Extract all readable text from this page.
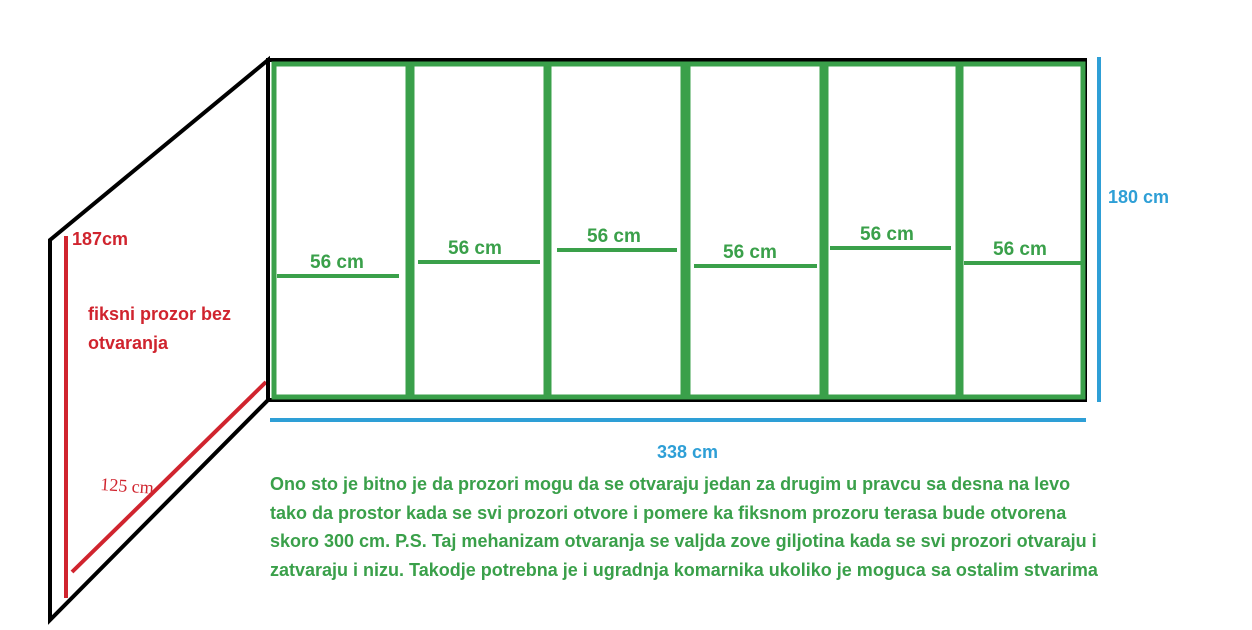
187cm
fiksni prozor bez
otvaranja
125 cm
56 cm
56 cm
56 cm
56 cm
56 cm
56 cm
180 cm
338 cm

Ono sto je bitno je da prozori mogu da se otvaraju jedan za drugim u pravcu sa desna na levo
tako da prostor kada se svi prozori otvore i pomere ka fiksnom prozoru terasa bude otvorena
skoro 300 cm. P.S. Taj mehanizam otvaranja se valjda zove giljotina kada se svi prozori otvaraju i
zatvaraju i nizu. Takodje potrebna je i ugradnja komarnika ukoliko je moguca sa ostalim stvarima
